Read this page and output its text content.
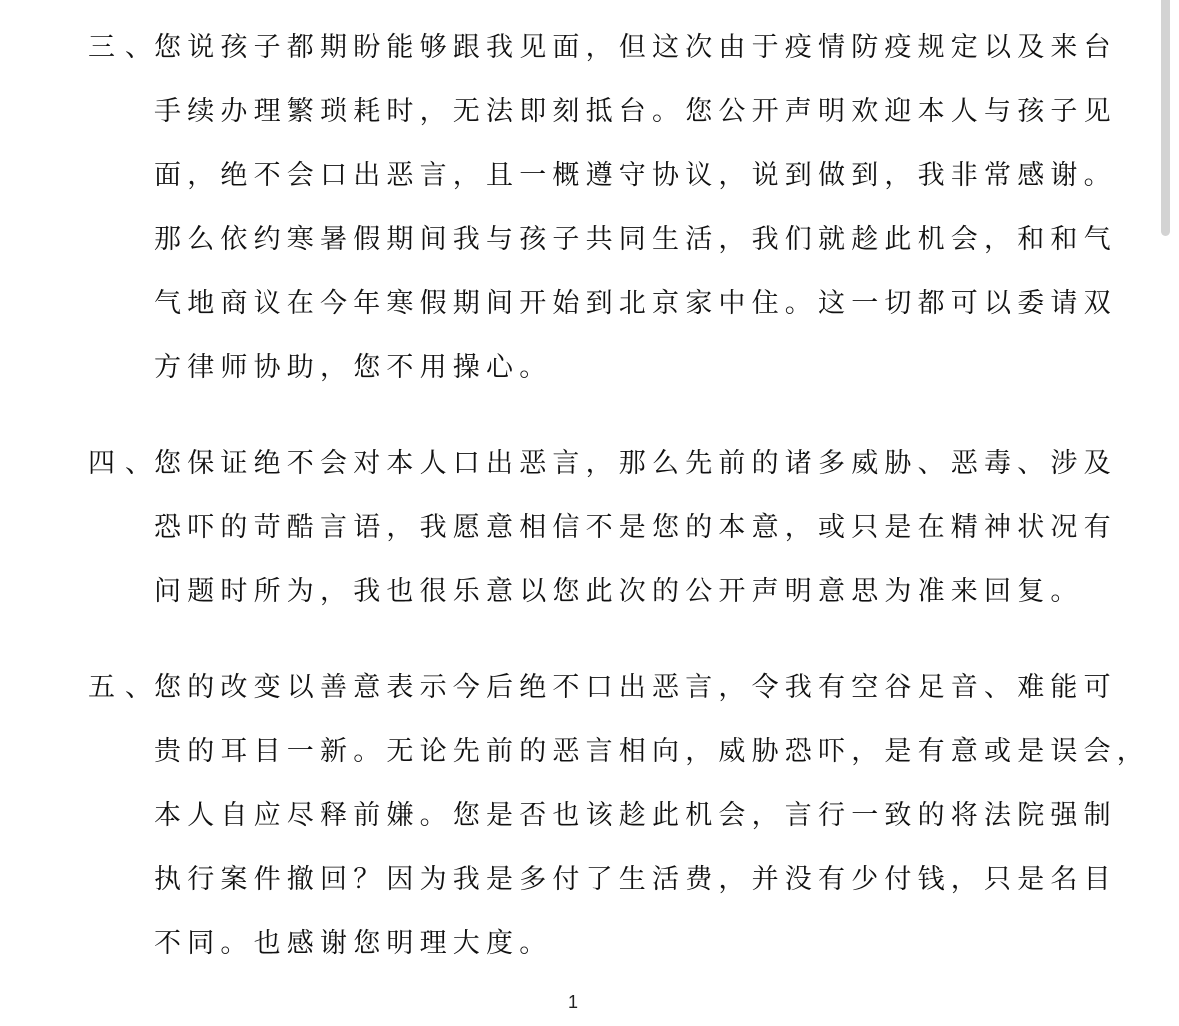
三、
您说孩子都期盼能够跟我见面，但这次由于疫情防疫规定以及来台
手续办理繁琐耗时，无法即刻抵台。您公开声明欢迎本人与孩子见
面，绝不会口出恶言，且一概遵守协议，说到做到，我非常感谢。
那么依约寒暑假期间我与孩子共同生活，我们就趁此机会，和和气
气地商议在今年寒假期间开始到北京家中住。这一切都可以委请双
方律师协助，您不用操心。
四、
您保证绝不会对本人口出恶言，那么先前的诸多威胁、恶毒、涉及
恐吓的苛酷言语，我愿意相信不是您的本意，或只是在精神状况有
问题时所为，我也很乐意以您此次的公开声明意思为准来回复。
五、
您的改变以善意表示今后绝不口出恶言，令我有空谷足音、难能可
贵的耳目一新。无论先前的恶言相向，威胁恐吓，是有意或是误会，
本人自应尽释前嫌。您是否也该趁此机会，言行一致的将法院强制
执行案件撤回？因为我是多付了生活费，并没有少付钱，只是名目
不同。也感谢您明理大度。
1
